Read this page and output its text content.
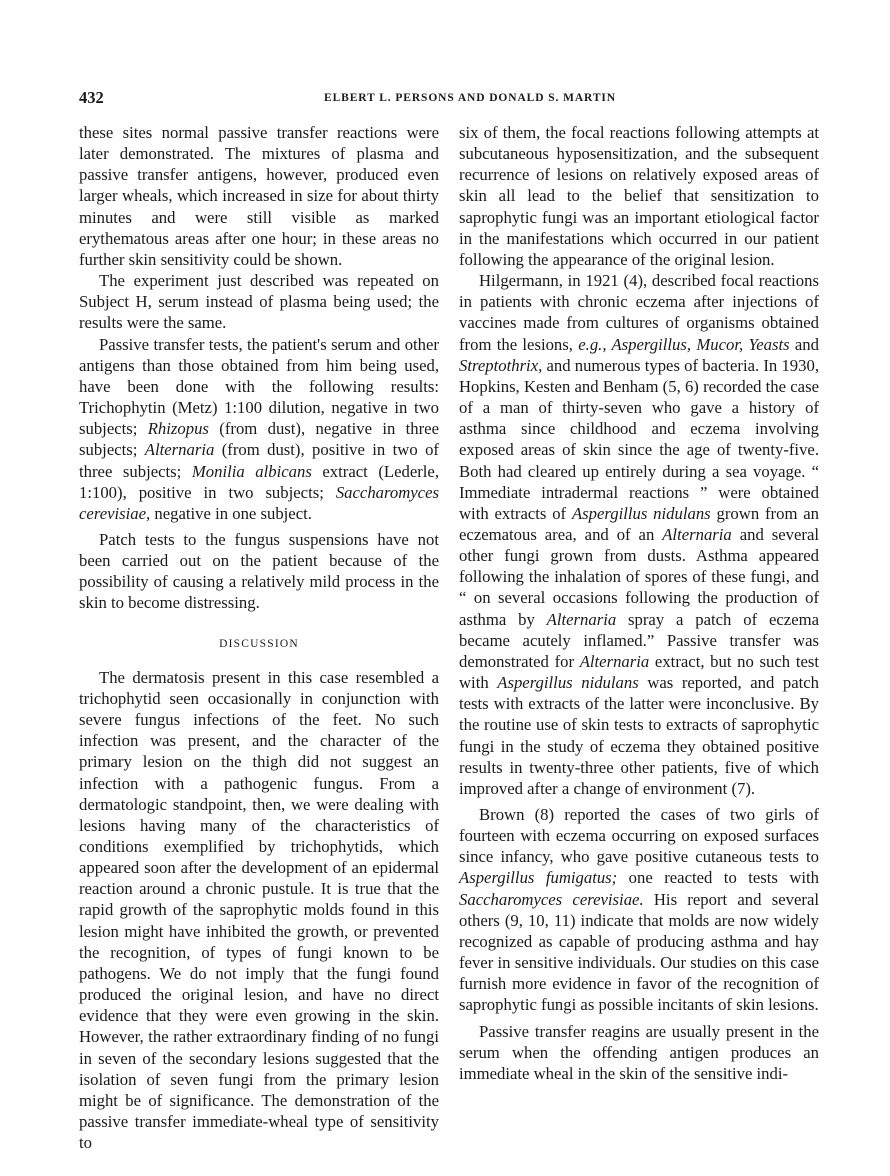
432	ELBERT L. PERSONS AND DONALD S. MARTIN

these sites normal passive transfer reactions were later demonstrated. The mixtures of plasma and passive transfer antigens, however, produced even larger wheals, which increased in size for about thirty minutes and were still visible as marked erythematous areas after one hour; in these areas no further skin sensitivity could be shown.

The experiment just described was repeated on Subject H, serum instead of plasma being used; the results were the same.

Passive transfer tests, the patient's serum and other antigens than those obtained from him being used, have been done with the following results: Trichophytin (Metz) 1:100 dilution, negative in two subjects; Rhizopus (from dust), negative in three subjects; Alternaria (from dust), positive in two of three subjects; Monilia albicans extract (Lederle, 1:100), positive in two subjects; Saccharomyces cerevisiae, negative in one subject.

Patch tests to the fungus suspensions have not been carried out on the patient because of the possibility of causing a relatively mild process in the skin to become distressing.

DISCUSSION

The dermatosis present in this case resembled a trichophytid seen occasionally in conjunction with severe fungus infections of the feet. No such infection was present, and the character of the primary lesion on the thigh did not suggest an infection with a pathogenic fungus. From a dermatologic standpoint, then, we were dealing with lesions having many of the characteristics of conditions exemplified by trichophytids, which appeared soon after the development of an epidermal reaction around a chronic pustule. It is true that the rapid growth of the saprophytic molds found in this lesion might have inhibited the growth, or prevented the recognition, of types of fungi known to be pathogens. We do not imply that the fungi found produced the original lesion, and have no direct evidence that they were even growing in the skin. However, the rather extraordinary finding of no fungi in seven of the secondary lesions suggested that the isolation of seven fungi from the primary lesion might be of significance. The demonstration of the passive transfer immediate-wheal type of sensitivity to

six of them, the focal reactions following attempts at subcutaneous hyposensitization, and the subsequent recurrence of lesions on relatively exposed areas of skin all lead to the belief that sensitization to saprophytic fungi was an important etiological factor in the manifestations which occurred in our patient following the appearance of the original lesion.

Hilgermann, in 1921 (4), described focal reactions in patients with chronic eczema after injections of vaccines made from cultures of organisms obtained from the lesions, e.g., Aspergillus, Mucor, Yeasts and Streptothrix, and numerous types of bacteria. In 1930, Hopkins, Kesten and Benham (5, 6) recorded the case of a man of thirty-seven who gave a history of asthma since childhood and eczema involving exposed areas of skin since the age of twenty-five. Both had cleared up entirely during a sea voyage. “ Immediate intradermal reactions ” were obtained with extracts of Aspergillus nidulans grown from an eczematous area, and of an Alternaria and several other fungi grown from dusts. Asthma appeared following the inhalation of spores of these fungi, and “ on several occasions following the production of asthma by Alternaria spray a patch of eczema became acutely inflamed.” Passive transfer was demonstrated for Alternaria extract, but no such test with Aspergillus nidulans was reported, and patch tests with extracts of the latter were inconclusive. By the routine use of skin tests to extracts of saprophytic fungi in the study of eczema they obtained positive results in twenty-three other patients, five of which improved after a change of environment (7).

Brown (8) reported the cases of two girls of fourteen with eczema occurring on exposed surfaces since infancy, who gave positive cutaneous tests to Aspergillus fumigatus; one reacted to tests with Saccharomyces cerevisiae. His report and several others (9, 10, 11) indicate that molds are now widely recognized as capable of producing asthma and hay fever in sensitive individuals. Our studies on this case furnish more evidence in favor of the recognition of saprophytic fungi as possible incitants of skin lesions.

Passive transfer reagins are usually present in the serum when the offending antigen produces an immediate wheal in the skin of the sensitive indi-
